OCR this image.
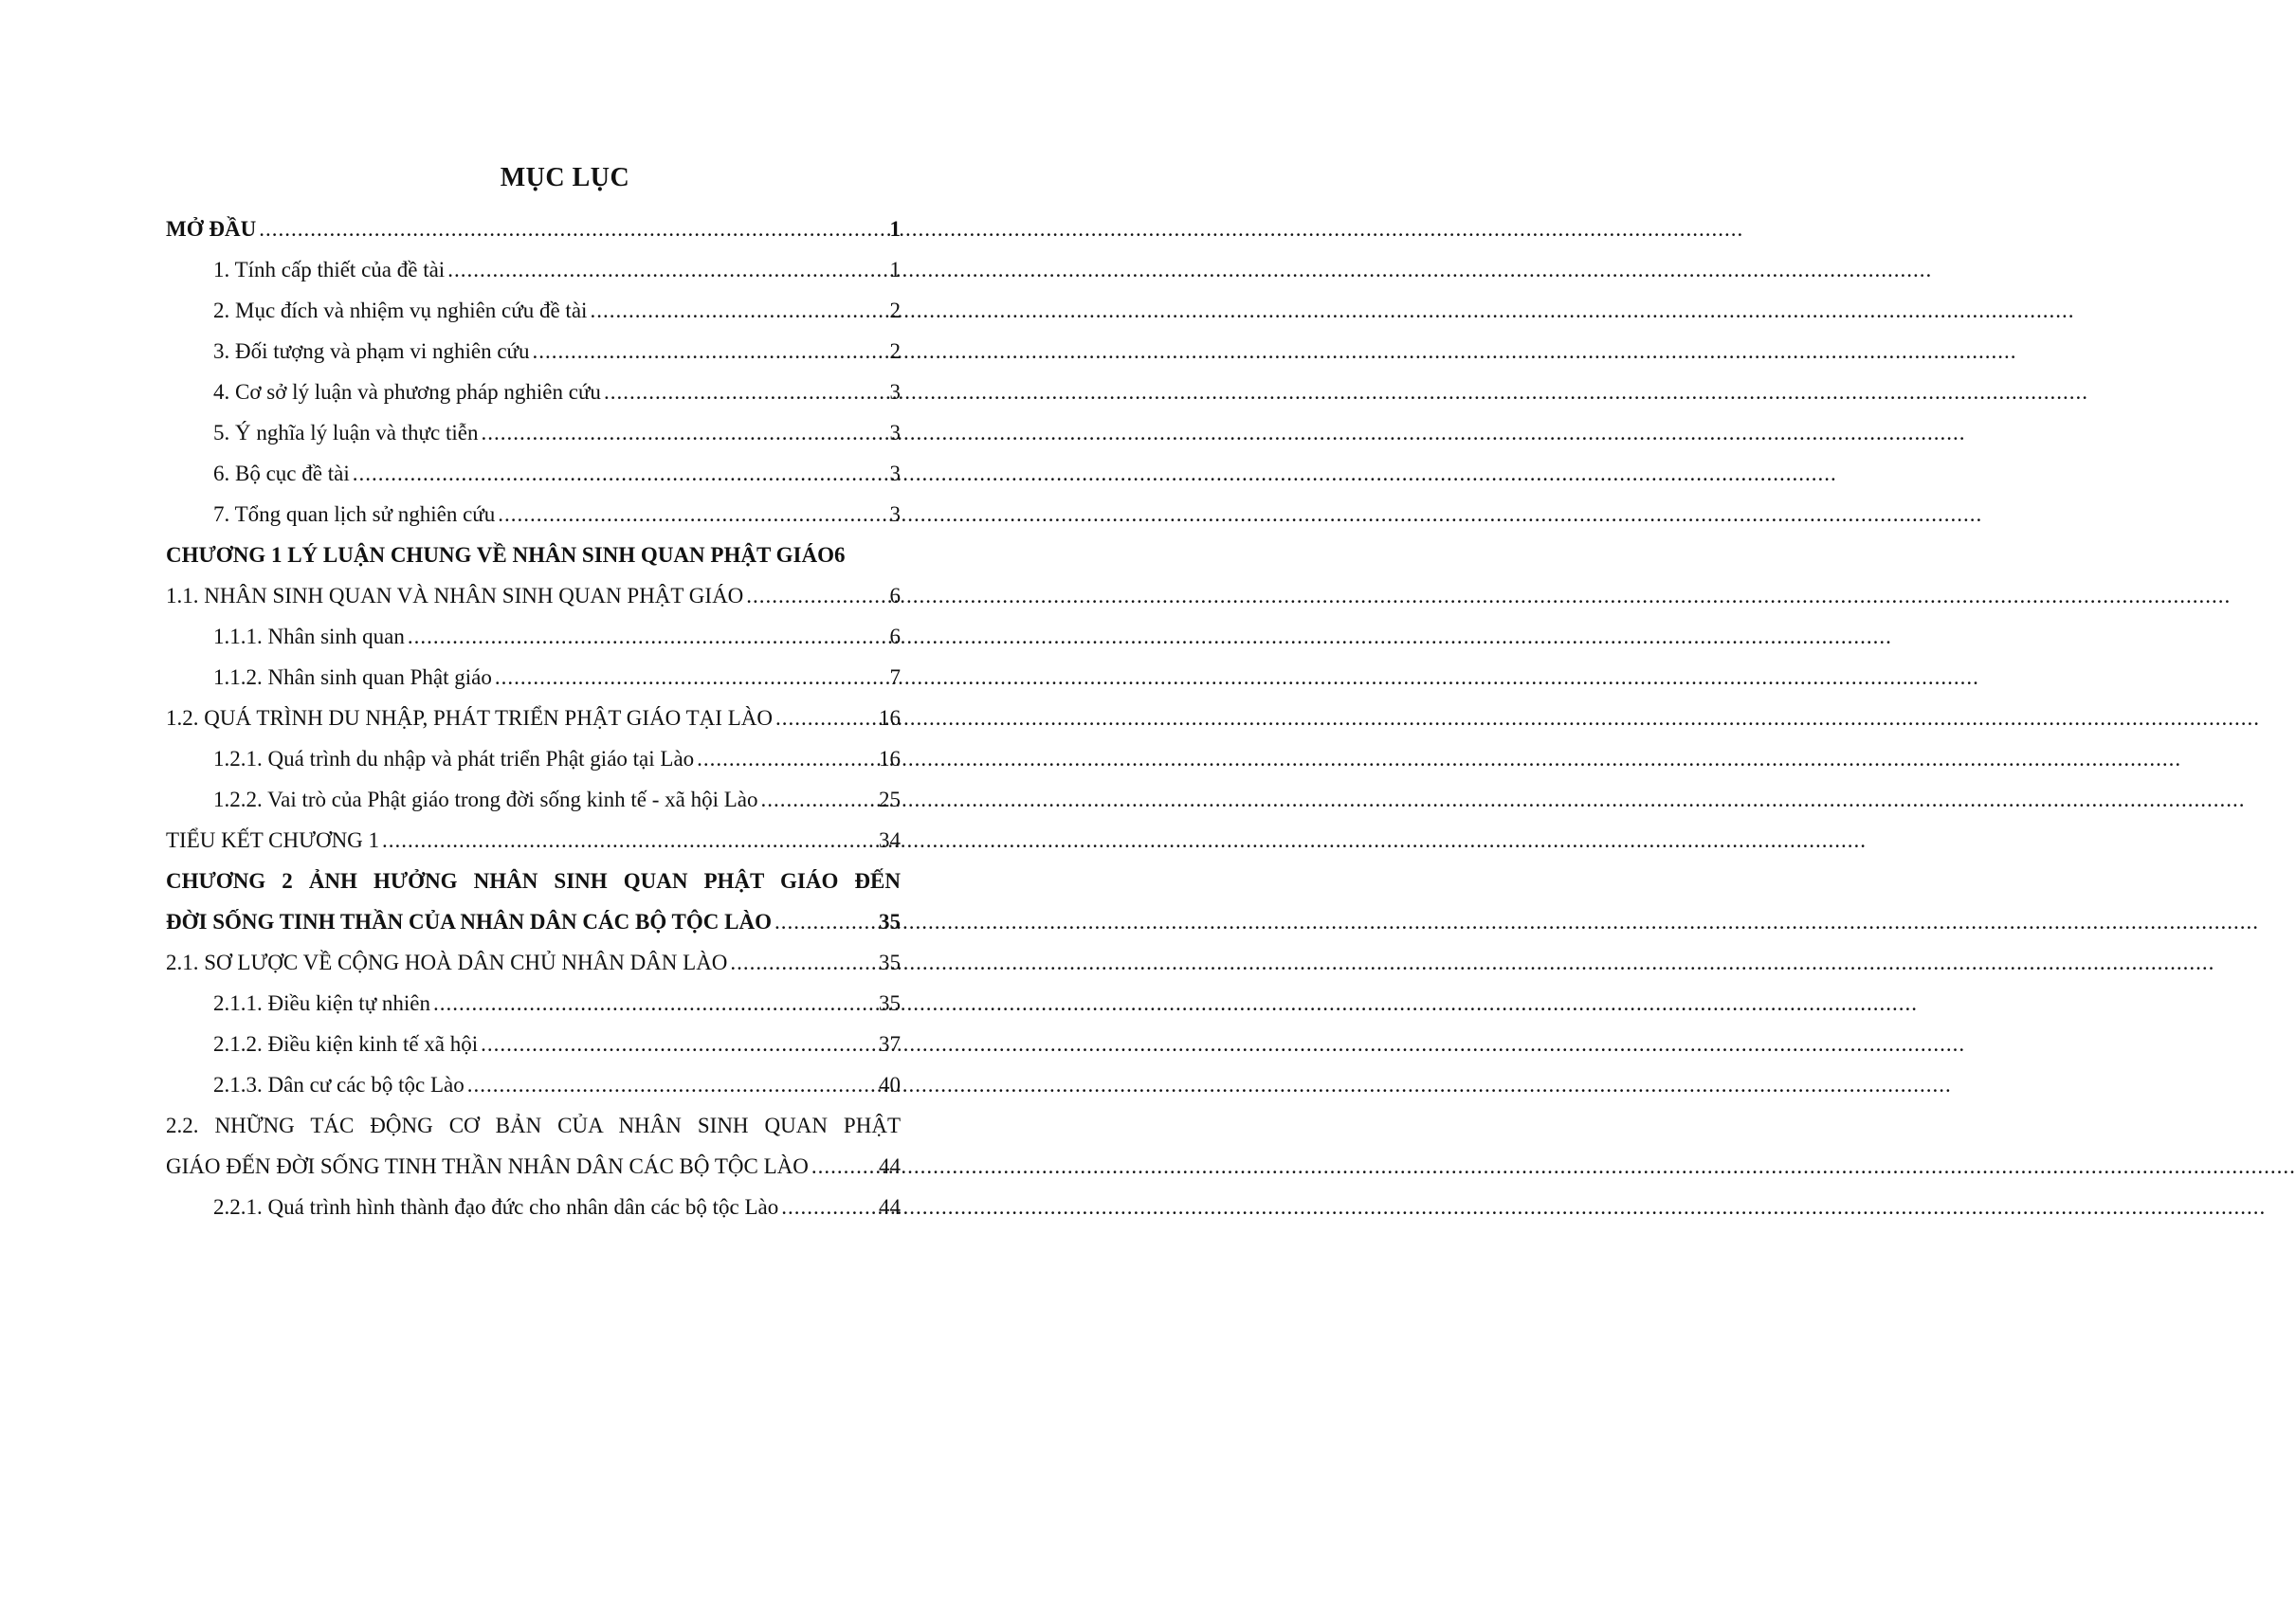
MỤC LỤC
MỞ ĐẦU .....	1
1. Tính cấp thiết của đề tài .....	1
2. Mục đích và nhiệm vụ nghiên cứu đề tài .....	2
3. Đối tượng và phạm vi nghiên cứu .....	2
4. Cơ sở lý luận và phương pháp nghiên cứu .....	3
5. Ý nghĩa lý luận và thực tiễn .....	3
6. Bộ cục đề tài .....	3
7. Tổng quan lịch sử nghiên cứu .....	3
CHƯƠNG 1 LÝ LUẬN CHUNG VỀ NHÂN SINH QUAN PHẬT GIÁO 6
1.1. NHÂN SINH QUAN VÀ NHÂN SINH QUAN PHẬT GIÁO .....	6
1.1.1. Nhân sinh quan .....	6
1.1.2. Nhân sinh quan Phật giáo .....	7
1.2. QUÁ TRÌNH DU NHẬP, PHÁT TRIỂN PHẬT GIÁO TẠI LÀO .....	16
1.2.1. Quá trình du nhập và phát triển Phật giáo tại Lào .....	16
1.2.2. Vai trò của Phật giáo trong đời sống kinh tế - xã hội Lào .....	25
TIỂU KẾT CHƯƠNG 1 .....	34
CHƯƠNG 2 ẢNH HƯỞNG NHÂN SINH QUAN PHẬT GIÁO ĐẾN
ĐỜI SỐNG TINH THẦN CỦA NHÂN DÂN CÁC BỘ TỘC LÀO .....	35
2.1. SƠ LƯỢC VỀ CỘNG HOÀ DÂN CHỦ NHÂN DÂN LÀO .....	35
2.1.1. Điều kiện tự nhiên .....	35
2.1.2. Điều kiện kinh tế xã hội .....	37
2.1.3. Dân cư các bộ tộc Lào .....	40
2.2. NHỮNG TÁC ĐỘNG CƠ BẢN CỦA NHÂN SINH QUAN PHẬT
GIÁO ĐẾN ĐỜI SỐNG TINH THẦN NHÂN DÂN CÁC BỘ TỘC LÀO .....	44
2.2.1. Quá trình hình thành đạo đức cho nhân dân các bộ tộc Lào .....	44
